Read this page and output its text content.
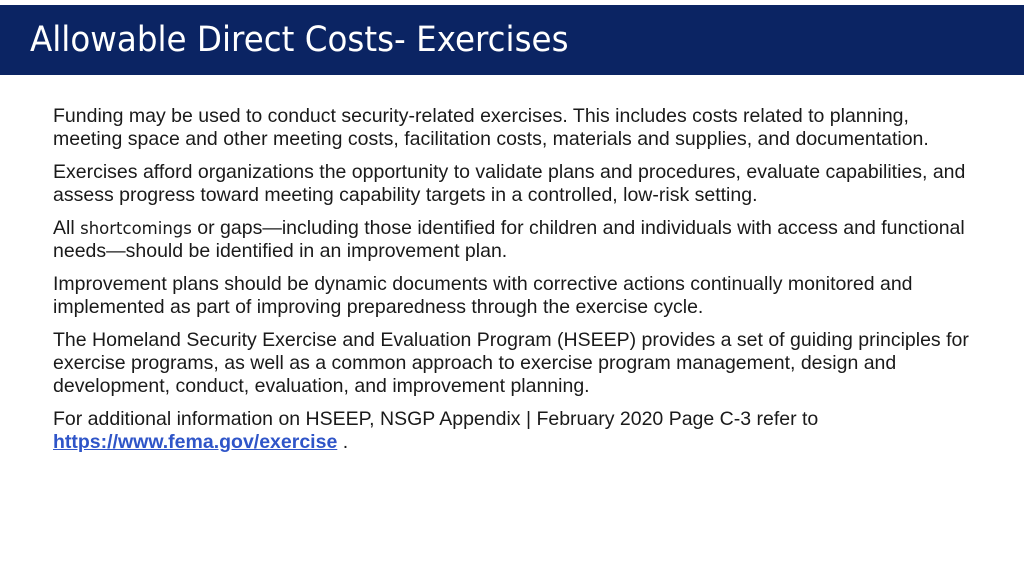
Allowable Direct Costs- Exercises

Funding may be used to conduct security-related exercises. This includes costs related to planning, meeting space and other meeting costs, facilitation costs, materials and supplies, and documentation.

Exercises afford organizations the opportunity to validate plans and procedures, evaluate capabilities, and assess progress toward meeting capability targets in a controlled, low-risk setting.

All shortcomings or gaps—including those identified for children and individuals with access and functional needs—should be identified in an improvement plan.

Improvement plans should be dynamic documents with corrective actions continually monitored and implemented as part of improving preparedness through the exercise cycle.

The Homeland Security Exercise and Evaluation Program (HSEEP) provides a set of guiding principles for exercise programs, as well as a common approach to exercise program management, design and development, conduct, evaluation, and improvement planning.

For additional information on HSEEP, NSGP Appendix | February 2020 Page C-3 refer to https://www.fema.gov/exercise .
